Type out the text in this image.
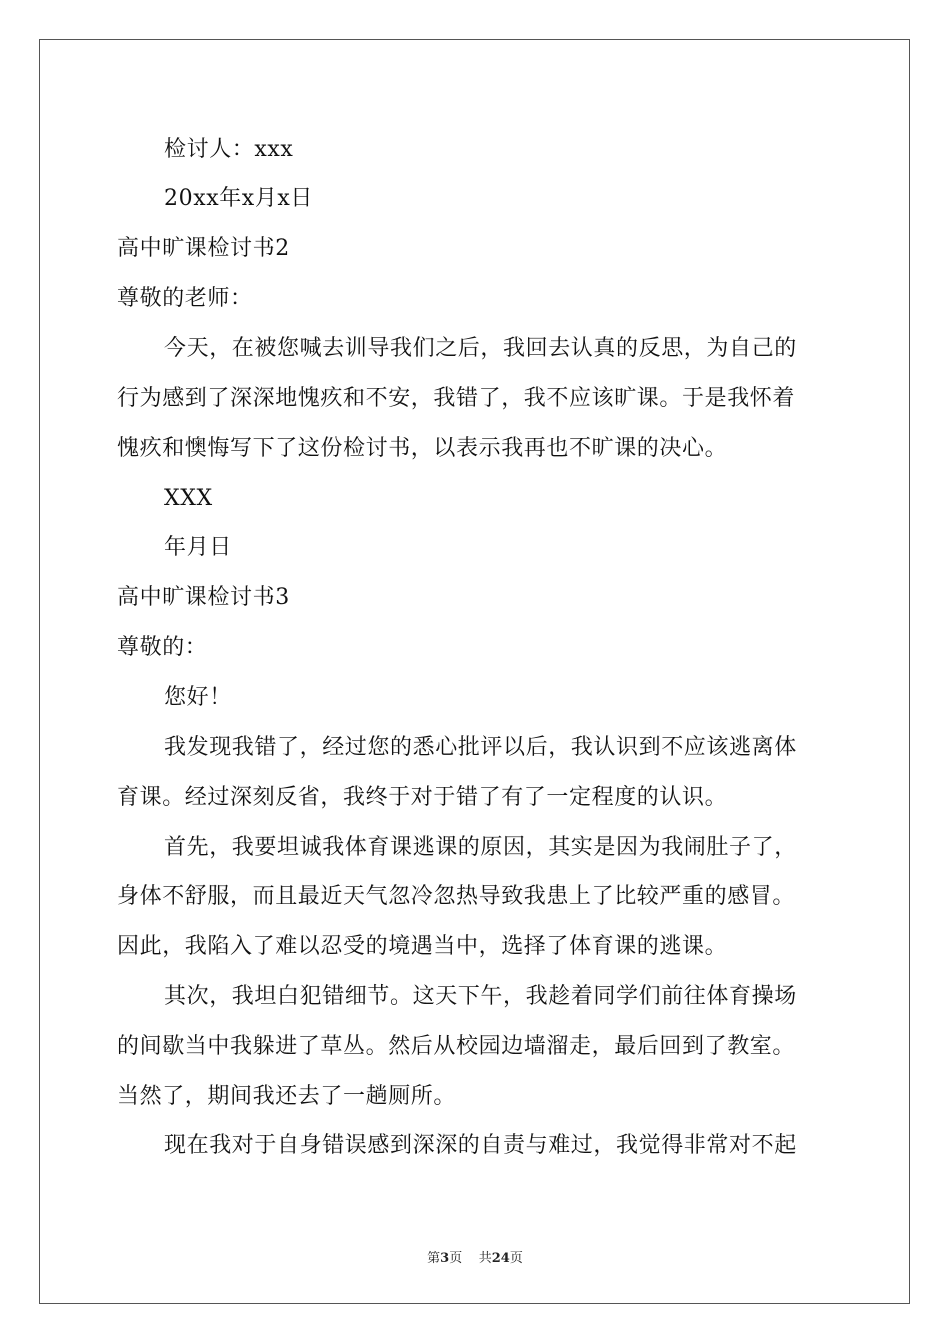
检讨人：xxx
20xx年x月x日
高中旷课检讨书2
尊敬的老师：
今天，在被您喊去训导我们之后，我回去认真的反思，为自己的
行为感到了深深地愧疚和不安，我错了，我不应该旷课。于是我怀着
愧疚和懊悔写下了这份检讨书，以表示我再也不旷课的决心。
XXX
年月日
高中旷课检讨书3
尊敬的：
您好！
我发现我错了，经过您的悉心批评以后，我认识到不应该逃离体
育课。经过深刻反省，我终于对于错了有了一定程度的认识。
首先，我要坦诚我体育课逃课的原因，其实是因为我闹肚子了，
身体不舒服，而且最近天气忽冷忽热导致我患上了比较严重的感冒。
因此，我陷入了难以忍受的境遇当中，选择了体育课的逃课。
其次，我坦白犯错细节。这天下午，我趁着同学们前往体育操场
的间歇当中我躲进了草丛。然后从校园边墙溜走，最后回到了教室。
当然了，期间我还去了一趟厕所。
现在我对于自身错误感到深深的自责与难过，我觉得非常对不起
第3页 共24页
